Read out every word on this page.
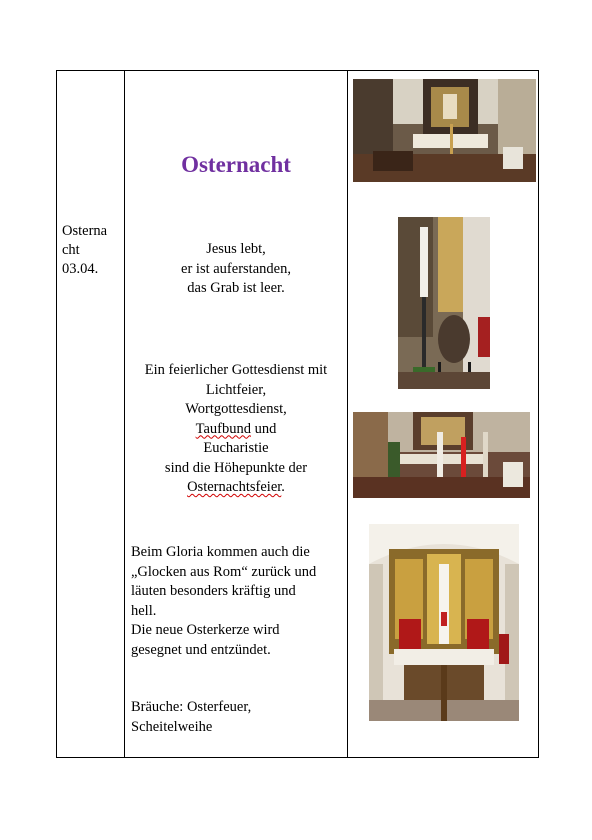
Osterna
cht
03.04.
Osternacht
Jesus lebt,
er ist auferstanden,
das Grab ist leer.
Ein feierlicher Gottesdienst mit
Lichtfeier,
Wortgottesdienst,
Taufbund und
Eucharistie
sind die Höhepunkte der
Osternachtsfeier.
Beim Gloria kommen auch die
„Glocken aus Rom“ zurück und
läuten besonders kräftig und
hell.
Die neue Osterkerze wird
gesegnet und entzündet.
Bräuche: Osterfeuer,
Scheitelweihe
